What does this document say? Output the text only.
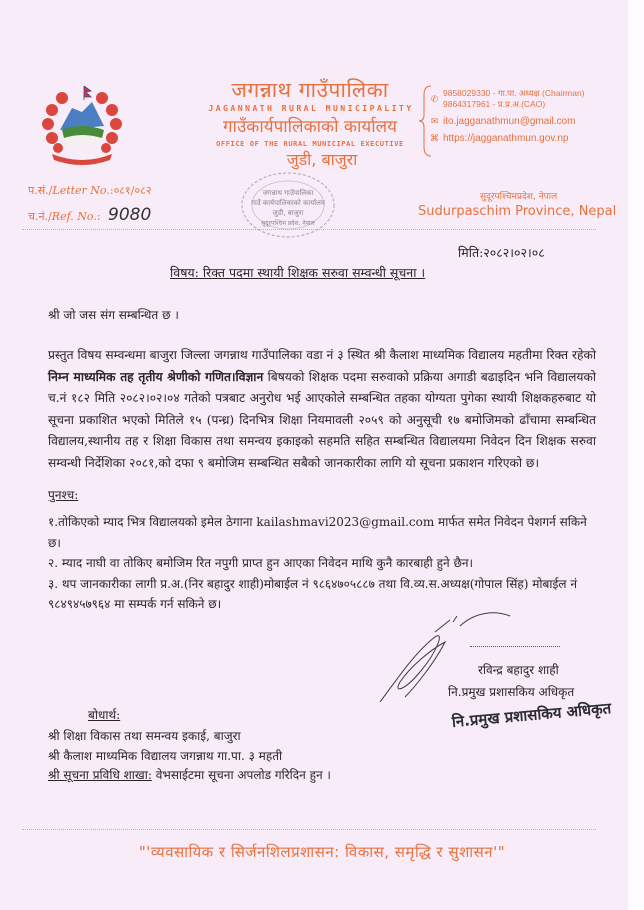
जगन्नाथ गाउँपालिका
JAGANNATH RURAL MUNICIPALITY
गाउँकार्यपालिकाको कार्यालय
OFFICE OF THE RURAL MUNICIPAL EXECUTIVE
जुडी, बाजुरा
✆
9858029330 - गा.पा. अध्यक्ष (Chairman)
9864317961 - प्र.प्र.अ.(CAO)
✉ ito.jagganathmun@gmail.com
⌘ https://jagganathmun.gov.np
प.सं./Letter No.:०८१/०८२
च.नं./Ref. No.: 9080
जगन्नाथ गाउँपालिका
गाउँ कार्यपालिकाको कार्यालय
जुडी, बाजुरा
सुदूरपश्चिम प्रदेश, नेपाल
सुदूरपश्चिमप्रदेश, नेपाल
Sudurpaschim Province, Nepal
मिति:२०८२।०२।०८
विषय: रिक्त पदमा स्थायी शिक्षक सरुवा सम्वन्धी सूचना ।
श्री जो जस संग सम्बन्धित छ ।
प्रस्तुत विषय सम्वन्धमा बाजुरा जिल्ला जगन्नाथ गाउँपालिका वडा नं ३ स्थित श्री कैलाश माध्यमिक विद्यालय महतीमा रिक्त रहेको निम्न माध्यमिक तह तृतीय श्रेणीको गणित।विज्ञान बिषयको शिक्षक पदमा सरुवाको प्रक्रिया अगाडी बढाइदिन भनि विद्यालयको च.नं १८२ मिति २०८२।०२।०४ गतेको पत्रबाट अनुरोध भई आएकोले सम्बन्धित तहका योग्यता पुगेका स्थायी शिक्षकहरुबाट यो सूचना प्रकाशित भएको मितिले १५ (पन्ध्र) दिनभित्र शिक्षा नियमावली २०५९ को अनुसूची १७ बमोजिमको ढाँचामा सम्बन्धित विद्यालय,स्थानीय तह र शिक्षा विकास तथा समन्वय इकाइको सहमति सहित सम्बन्धित विद्यालयमा निवेदन दिन शिक्षक सरुवा सम्वन्धी निर्देशिका २०८१,को दफा ९ बमोजिम सम्बन्धित सबैको जानकारीका लागि यो सूचना प्रकाशन गरिएको छ।
पुनश्च:
१.तोकिएको म्याद भित्र विद्यालयको इमेल ठेगाना kailashmavi2023@gmail.com मार्फत समेत निवेदन पेशगर्न सकिने छ।
२. म्याद नाघी वा तोकिए बमोजिम रित नपुगी प्राप्त हुन आएका निवेदन माथि कुनै कारबाही हुने छैन।
३. थप जानकारीका लागी प्र.अ.(निर बहादुर शाही)मोबाईल नं ९८६४७०५८८७ तथा वि.व्य.स.अध्यक्ष(गोपाल सिंह) मोबाईल नं ९८४९४५७९६४ मा सम्पर्क गर्न सकिने छ।
रविन्द्र बहादुर शाही
नि.प्रमुख प्रशासकिय अधिकृत
नि.प्रमुख प्रशासकिय अधिकृत
बोधार्थ:
श्री शिक्षा विकास तथा समन्वय इकाई, बाजुरा
श्री कैलाश माध्यमिक विद्यालय जगन्नाथ गा.पा. ३ महती
श्री सूचना प्रविधि शाखा: वेभसाईटमा सूचना अपलोड गरिदिन हुन ।
"'व्यवसायिक र सिर्जनशिलप्रशासन: विकास, समृद्धि र सुशासन'"
